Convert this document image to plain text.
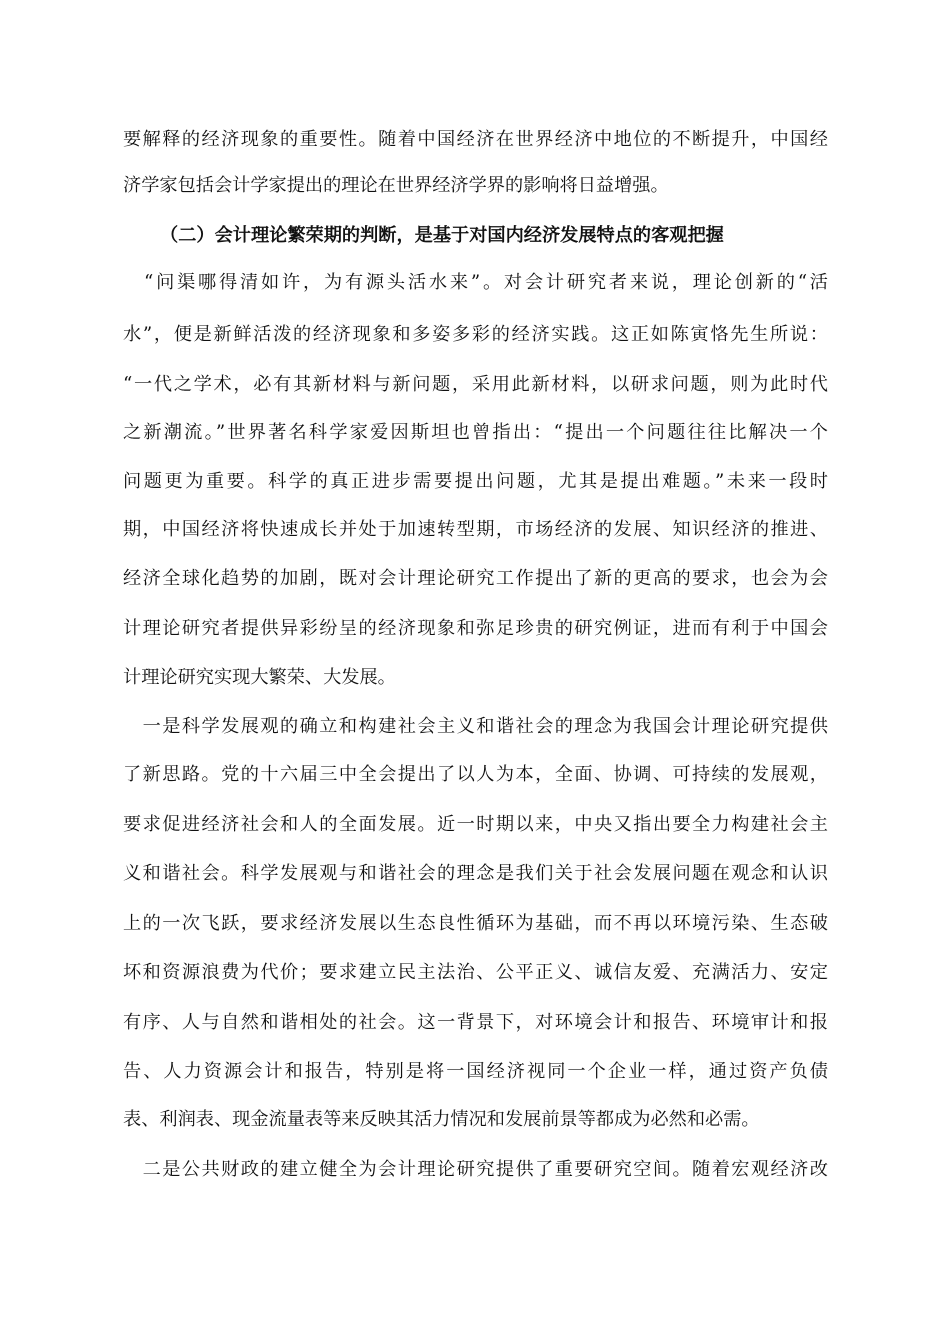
要解释的经济现象的重要性。随着中国经济在世界经济中地位的不断提升，中国经
济学家包括会计学家提出的理论在世界经济学界的影响将日益增强。
（二）会计理论繁荣期的判断，是基于对国内经济发展特点的客观把握
　“问渠哪得清如许，为有源头活水来”。对会计研究者来说，理论创新的“活
水”，便是新鲜活泼的经济现象和多姿多彩的经济实践。这正如陈寅恪先生所说：
“一代之学术，必有其新材料与新问题，采用此新材料，以研求问题，则为此时代
之新潮流。”世界著名科学家爱因斯坦也曾指出：“提出一个问题往往比解决一个
问题更为重要。科学的真正进步需要提出问题，尤其是提出难题。”未来一段时
期，中国经济将快速成长并处于加速转型期，市场经济的发展、知识经济的推进、
经济全球化趋势的加剧，既对会计理论研究工作提出了新的更高的要求，也会为会
计理论研究者提供异彩纷呈的经济现象和弥足珍贵的研究例证，进而有利于中国会
计理论研究实现大繁荣、大发展。
　一是科学发展观的确立和构建社会主义和谐社会的理念为我国会计理论研究提供
了新思路。党的十六届三中全会提出了以人为本，全面、协调、可持续的发展观，
要求促进经济社会和人的全面发展。近一时期以来，中央又指出要全力构建社会主
义和谐社会。科学发展观与和谐社会的理念是我们关于社会发展问题在观念和认识
上的一次飞跃，要求经济发展以生态良性循环为基础，而不再以环境污染、生态破
坏和资源浪费为代价；要求建立民主法治、公平正义、诚信友爱、充满活力、安定
有序、人与自然和谐相处的社会。这一背景下，对环境会计和报告、环境审计和报
告、人力资源会计和报告，特别是将一国经济视同一个企业一样，通过资产负债
表、利润表、现金流量表等来反映其活力情况和发展前景等都成为必然和必需。
　二是公共财政的建立健全为会计理论研究提供了重要研究空间。随着宏观经济改
